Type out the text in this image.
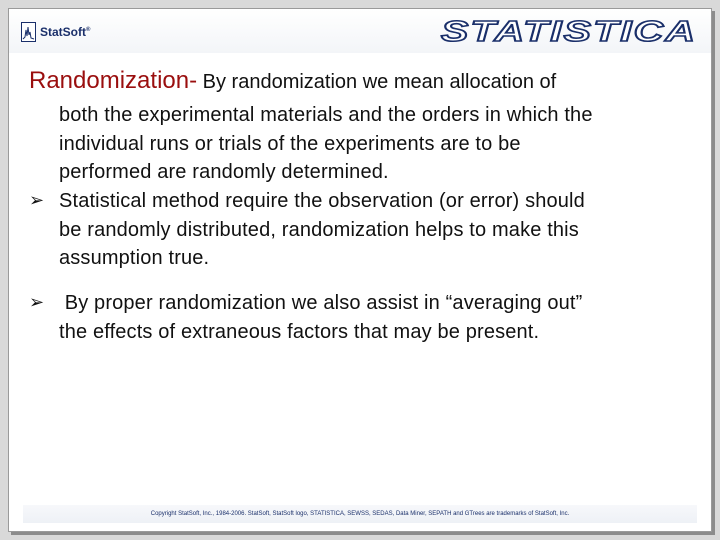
StatSoft®	STATISTICA
Randomization- By randomization we mean allocation of
both the experimental materials and the orders in which the
individual runs or trials of the experiments are to be
performed are randomly determined.
➢ Statistical method require the observation (or error) should
be randomly distributed, randomization helps to make this
assumption true.
➢ By proper randomization we also assist in “averaging out”
the effects of extraneous factors that may be present.
Copyright StatSoft, Inc., 1984-2006. StatSoft, StatSoft logo, STATISTICA, SEWSS, SEDAS, Data Miner, SEPATH and GTrees are trademarks of StatSoft, Inc.
